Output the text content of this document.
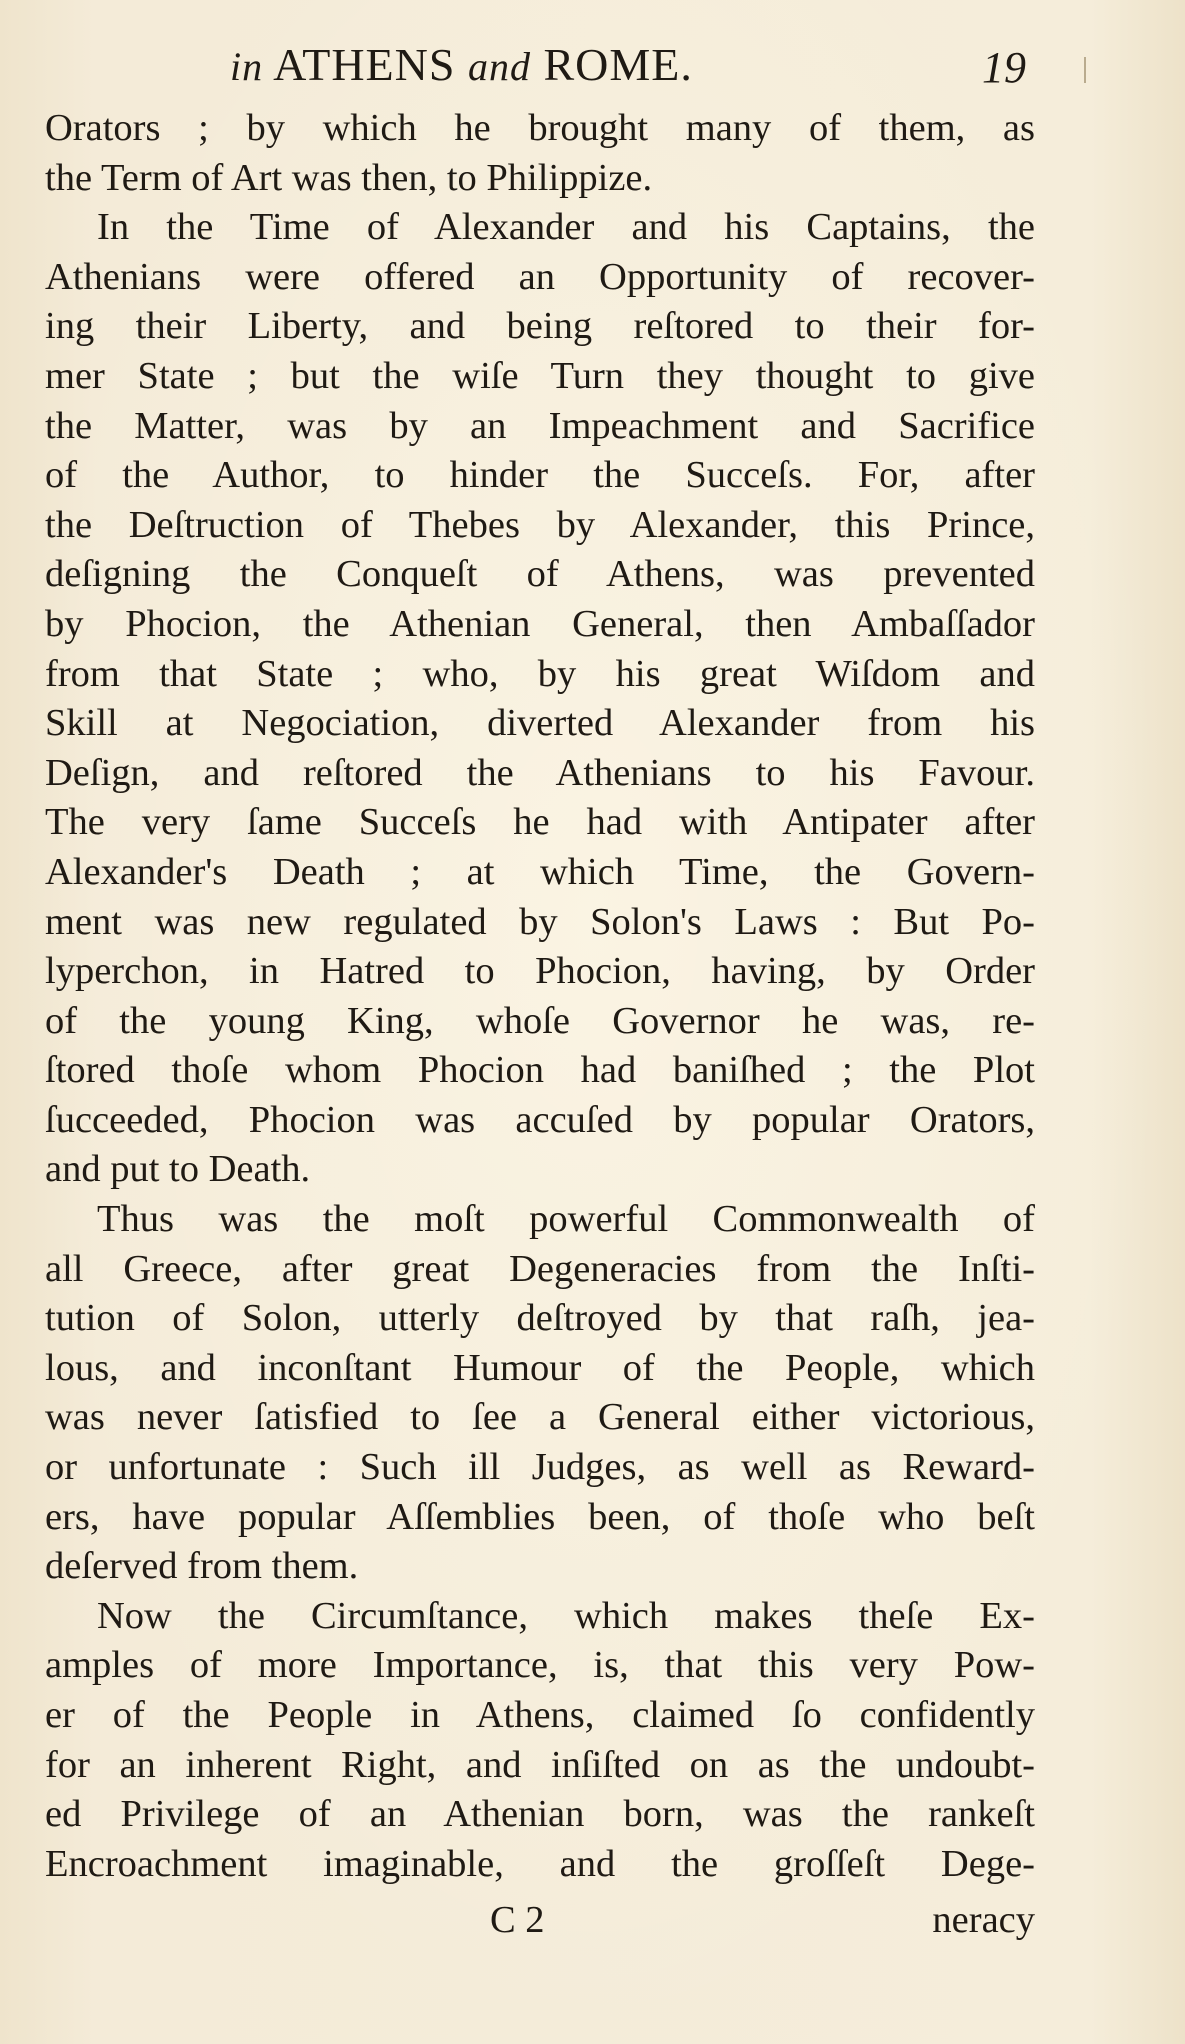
in ATHENS and ROME.	19
Orators ; by which he brought many of them, as
the Term of Art was then, to Philippize.
In the Time of Alexander and his Captains, the
Athenians were offered an Opportunity of recover-
ing their Liberty, and being reſtored to their for-
mer State ; but the wiſe Turn they thought to give
the Matter, was by an Impeachment and Sacrifice
of the Author, to hinder the Succeſs. For, after
the Deſtruction of Thebes by Alexander, this Prince,
deſigning the Conqueſt of Athens, was prevented
by Phocion, the Athenian General, then Ambaſſador
from that State ; who, by his great Wiſdom and
Skill at Negociation, diverted Alexander from his
Deſign, and reſtored the Athenians to his Favour.
The very ſame Succeſs he had with Antipater after
Alexander's Death ; at which Time, the Govern-
ment was new regulated by Solon's Laws : But Po-
lyperchon, in Hatred to Phocion, having, by Order
of the young King, whoſe Governor he was, re-
ſtored thoſe whom Phocion had baniſhed ; the Plot
ſucceeded, Phocion was accuſed by popular Orators,
and put to Death.
Thus was the moſt powerful Commonwealth of
all Greece, after great Degeneracies from the Inſti-
tution of Solon, utterly deſtroyed by that raſh, jea-
lous, and inconſtant Humour of the People, which
was never ſatisfied to ſee a General either victorious,
or unfortunate : Such ill Judges, as well as Reward-
ers, have popular Aſſemblies been, of thoſe who beſt
deſerved from them.
Now the Circumſtance, which makes theſe Ex-
amples of more Importance, is, that this very Pow-
er of the People in Athens, claimed ſo confidently
for an inherent Right, and inſiſted on as the undoubt-
ed Privilege of an Athenian born, was the rankeſt
Encroachment imaginable, and the groſſeſt Dege-
C 2	neracy
